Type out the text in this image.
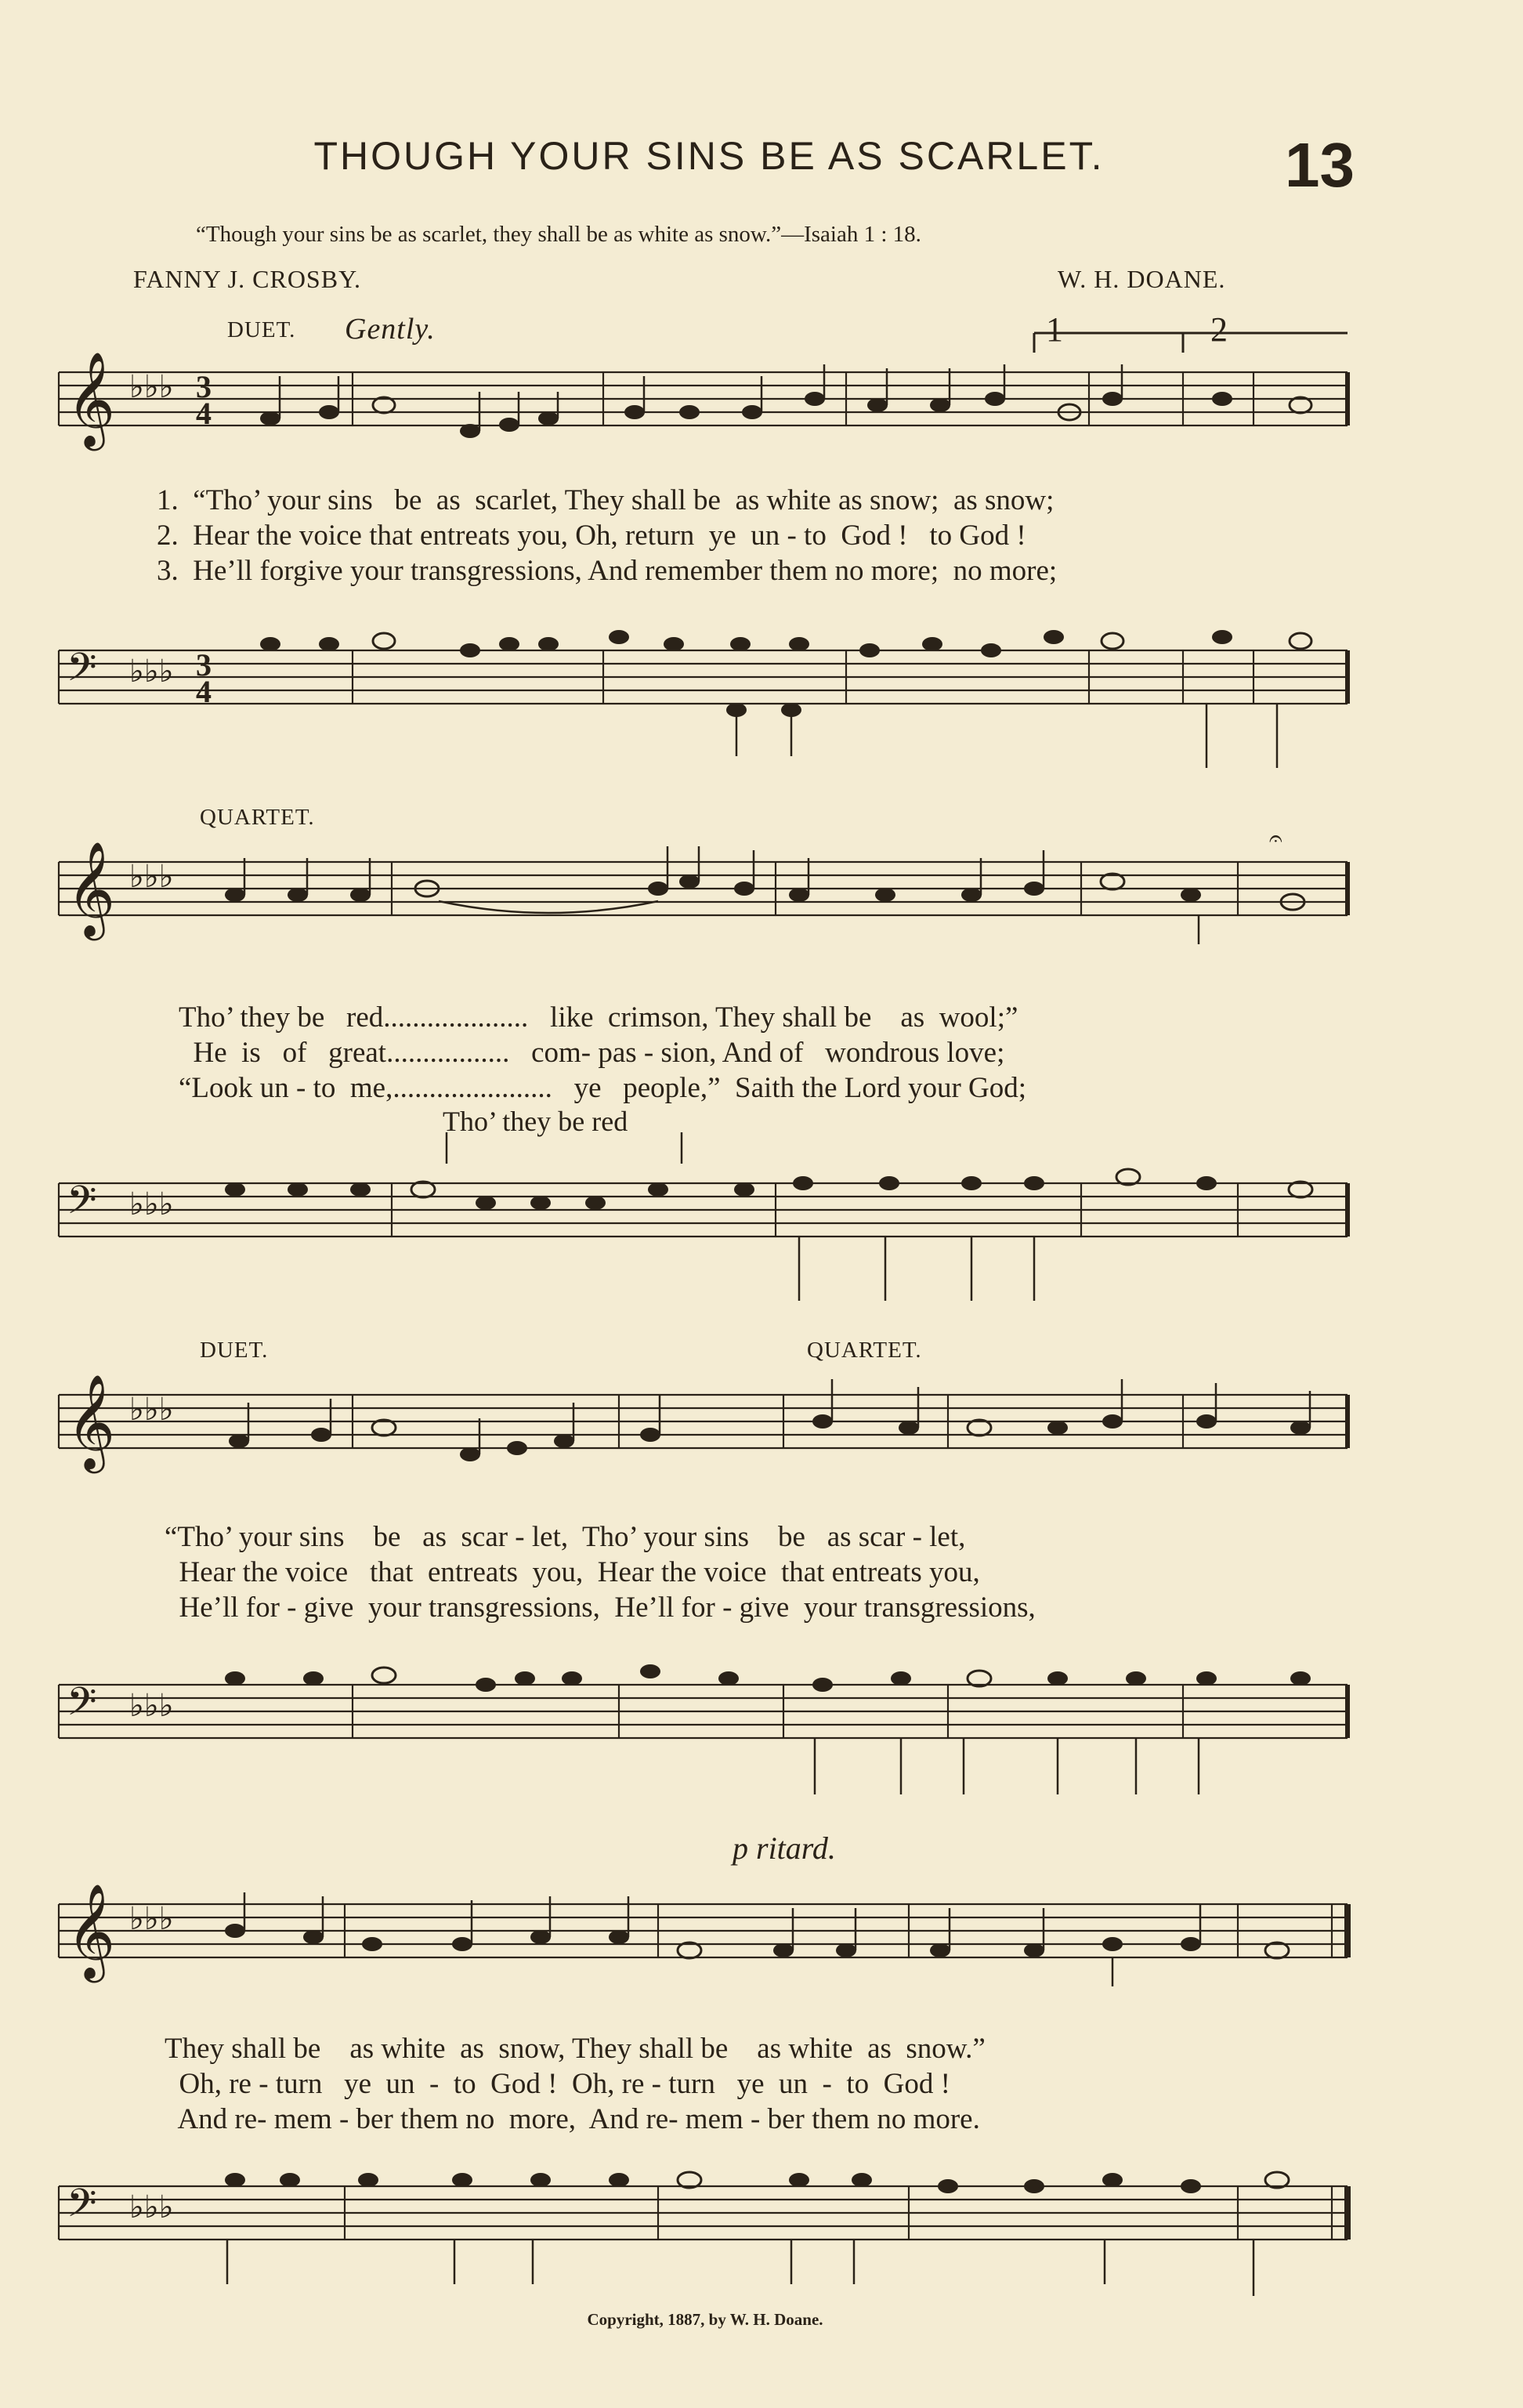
THOUGH YOUR SINS BE AS SCARLET.	13
“Though your sins be as scarlet, they shall be as white as snow.”—Isaiah 1 : 18.
FANNY J. CROSBY.	W. H. DOANE.
DUET. Gently.	1	2
𝄞 ♭♭♭ 3
4
1.  “Tho’ your sins   be  as  scarlet, They shall be  as white as snow;  as snow;
2.  Hear the voice that entreats you, Oh, return  ye  un - to  God !   to God !
3.  He’ll forgive your transgressions, And remember them no more;  no more;
𝄢 ♭♭♭ 3
4
QUARTET.
𝄞 ♭♭♭
𝄐
Tho’ they be   red....................   like  crimson, They shall be    as  wool;”
He  is   of   great.................   com- pas - sion, And of   wondrous love;
“Look un - to  me,......................   ye   people,”  Saith the Lord your God;
Tho’ they be red
𝄢 ♭♭♭
DUET.	QUARTET.
𝄞 ♭♭♭
“Tho’ your sins    be   as  scar - let,  Tho’ your sins    be   as scar - let,
Hear the voice   that  entreats  you,  Hear the voice  that entreats you,
He’ll for - give  your transgressions,  He’ll for - give  your transgressions,
𝄢 ♭♭♭
p ritard.
𝄞 ♭♭♭
They shall be    as white  as  snow, They shall be    as white  as  snow.”
Oh, re - turn   ye  un  -  to  God !  Oh, re - turn   ye  un  -  to  God !
And re- mem - ber them no  more,  And re- mem - ber them no more.
𝄢 ♭♭♭
Copyright, 1887, by W. H. Doane.
